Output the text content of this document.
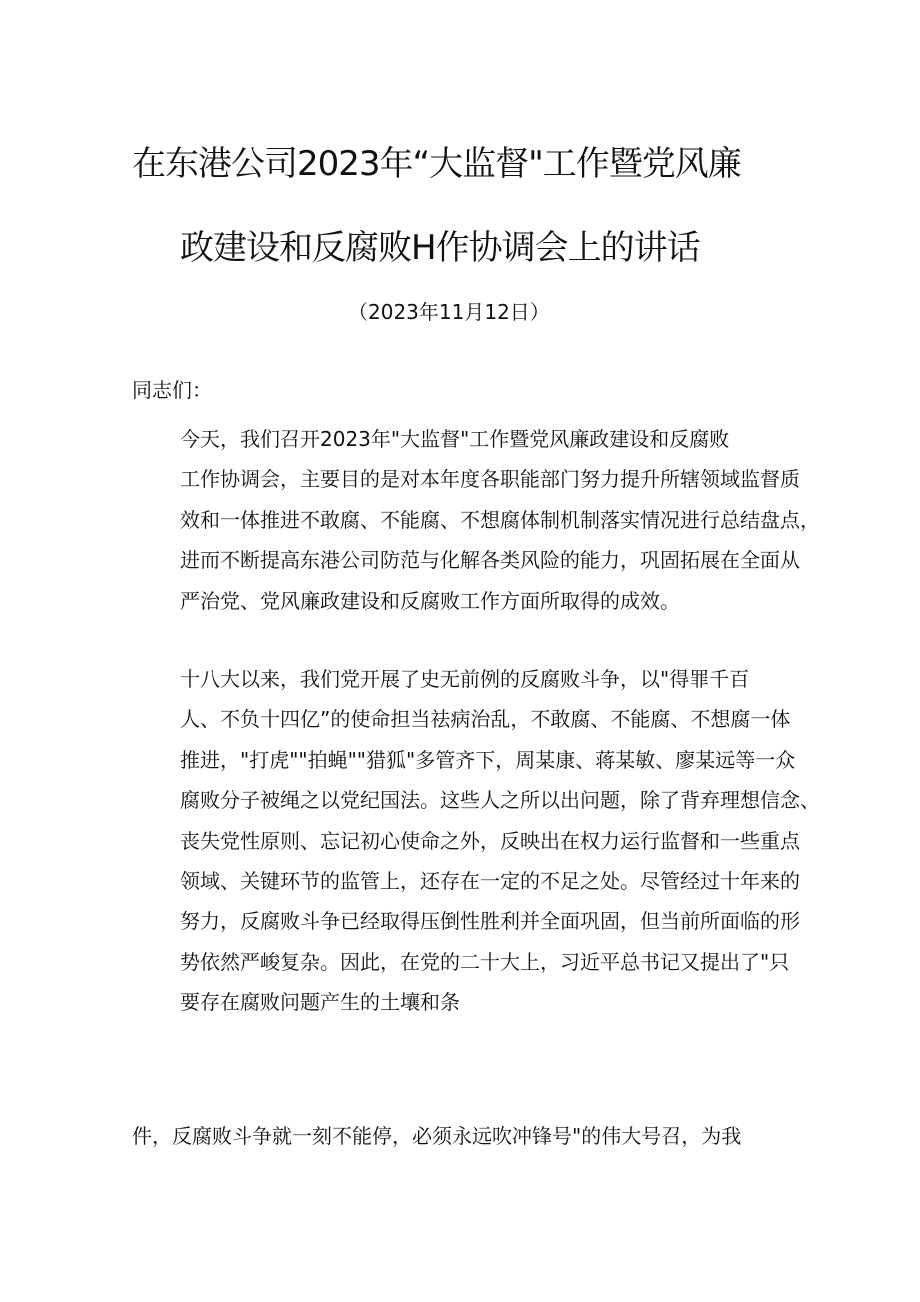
在东港公司2023年“大监督"工作暨党风廉
政建设和反腐败H作协调会上的讲话
（2023年11月12日）
同志们：

今天，我们召开2023年"大监督"工作暨党风廉政建设和反腐败
工作协调会，主要目的是对本年度各职能部门努力提升所辖领域监督质
效和一体推进不敢腐、不能腐、不想腐体制机制落实情况进行总结盘点，
进而不断提高东港公司防范与化解各类风险的能力，巩固拓展在全面从
严治党、党风廉政建设和反腐败工作方面所取得的成效。

十八大以来，我们党开展了史无前例的反腐败斗争，以"得罪千百
人、不负十四亿”的使命担当祛病治乱，不敢腐、不能腐、不想腐一体
推进，"打虎""拍蝇""猎狐"多管齐下，周某康、蒋某敏、廖某远等一众
腐败分子被绳之以党纪国法。这些人之所以出问题，除了背弃理想信念、
丧失党性原则、忘记初心使命之外，反映出在权力运行监督和一些重点
领域、关键环节的监管上，还存在一定的不足之处。尽管经过十年来的
努力，反腐败斗争已经取得压倒性胜利并全面巩固，但当前所面临的形
势依然严峻复杂。因此，在党的二十大上，习近平总书记又提出了"只
要存在腐败问题产生的土壤和条

件，反腐败斗争就一刻不能停，必须永远吹冲锋号"的伟大号召，为我
